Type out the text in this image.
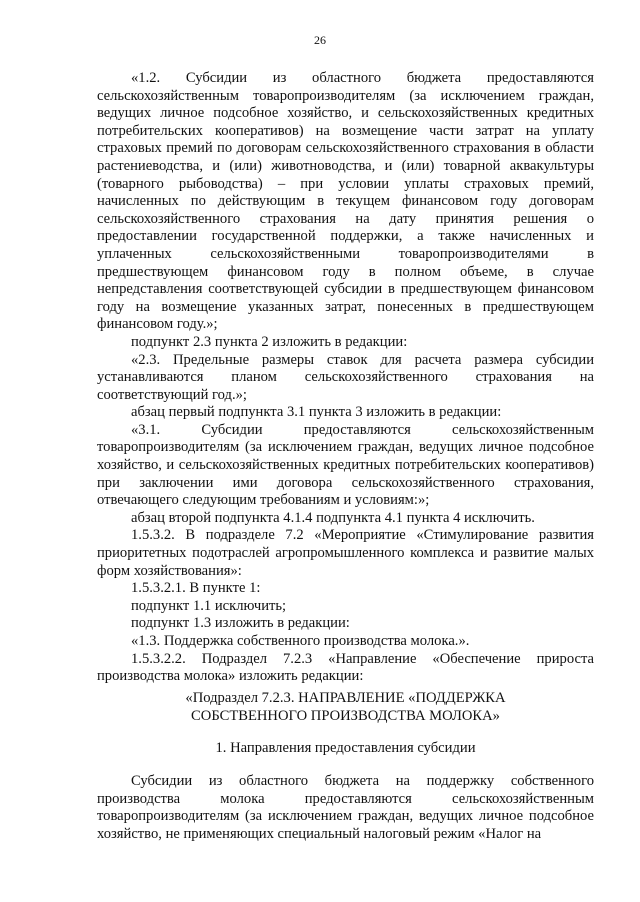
26

«1.2. Субсидии из областного бюджета предоставляются сельскохозяйственным товаропроизводителям (за исключением граждан, ведущих личное подсобное хозяйство, и сельскохозяйственных кредитных потребительских кооперативов) на возмещение части затрат на уплату страховых премий по договорам сельскохозяйственного страхования в области растениеводства, и (или) животноводства, и (или) товарной аквакультуры (товарного рыбоводства) – при условии уплаты страховых премий, начисленных по действующим в текущем финансовом году договорам сельскохозяйственного страхования на дату принятия решения о предоставлении государственной поддержки, а также начисленных и уплаченных сельскохозяйственными товаропроизводителями в предшествующем финансовом году в полном объеме, в случае непредставления соответствующей субсидии в предшествующем финансовом году на возмещение указанных затрат, понесенных в предшествующем финансовом году.»;

подпункт 2.3 пункта 2 изложить в редакции:

«2.3. Предельные размеры ставок для расчета размера субсидии устанавливаются планом сельскохозяйственного страхования на соответствующий год.»;

абзац первый подпункта 3.1 пункта 3 изложить в редакции:

«3.1. Субсидии предоставляются сельскохозяйственным товаропроизводителям (за исключением граждан, ведущих личное подсобное хозяйство, и сельскохозяйственных кредитных потребительских кооперативов) при заключении ими договора сельскохозяйственного страхования, отвечающего следующим требованиям и условиям:»;

абзац второй подпункта 4.1.4 подпункта 4.1 пункта 4 исключить.

1.5.3.2. В подразделе 7.2 «Мероприятие «Стимулирование развития приоритетных подотраслей агропромышленного комплекса и развитие малых форм хозяйствования»:

1.5.3.2.1. В пункте 1:

подпункт 1.1 исключить;

подпункт 1.3 изложить в редакции:

«1.3. Поддержка собственного производства молока.».

1.5.3.2.2. Подраздел 7.2.3 «Направление «Обеспечение прироста производства молока» изложить редакции:

«Подраздел 7.2.3. НАПРАВЛЕНИЕ «ПОДДЕРЖКА
СОБСТВЕННОГО ПРОИЗВОДСТВА МОЛОКА»
1. Направления предоставления субсидии

Субсидии из областного бюджета на поддержку собственного производства молока предоставляются сельскохозяйственным товаропроизводителям (за исключением граждан, ведущих личное подсобное хозяйство, не применяющих специальный налоговый режим «Налог на
